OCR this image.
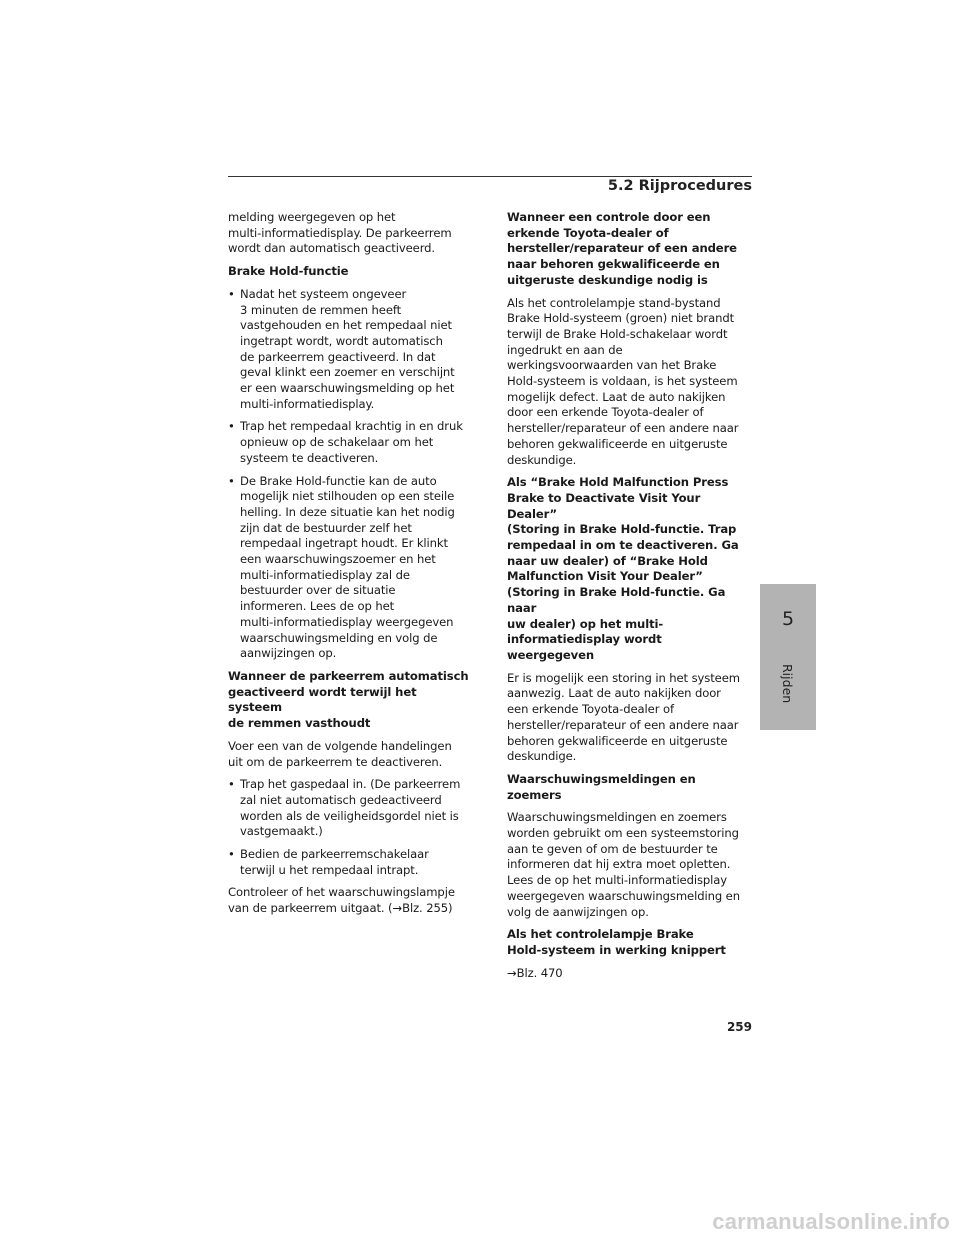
5.2 Rijprocedures

melding weergegeven op het
multi-informatiedisplay. De parkeerrem
wordt dan automatisch geactiveerd.

Brake Hold-functie

• Nadat het systeem ongeveer
3 minuten de remmen heeft
vastgehouden en het rempedaal niet
ingetrapt wordt, wordt automatisch
de parkeerrem geactiveerd. In dat
geval klinkt een zoemer en verschijnt
er een waarschuwingsmelding op het
multi-informatiedisplay.
• Trap het rempedaal krachtig in en druk
opnieuw op de schakelaar om het
systeem te deactiveren.
• De Brake Hold-functie kan de auto
mogelijk niet stilhouden op een steile
helling. In deze situatie kan het nodig
zijn dat de bestuurder zelf het
rempedaal ingetrapt houdt. Er klinkt
een waarschuwingszoemer en het
multi-informatiedisplay zal de
bestuurder over de situatie
informeren. Lees de op het
multi-informatiedisplay weergegeven
waarschuwingsmelding en volg de
aanwijzingen op.

Wanneer de parkeerrem automatisch
geactiveerd wordt terwijl het systeem
de remmen vasthoudt

Voer een van de volgende handelingen
uit om de parkeerrem te deactiveren.

• Trap het gaspedaal in. (De parkeerrem
zal niet automatisch gedeactiveerd
worden als de veiligheidsgordel niet is
vastgemaakt.)
• Bedien de parkeerremschakelaar
terwijl u het rempedaal intrapt.

Controleer of het waarschuwingslampje
van de parkeerrem uitgaat. (→Blz. 255)

Wanneer een controle door een
erkende Toyota-dealer of
hersteller/reparateur of een andere
naar behoren gekwalificeerde en
uitgeruste deskundige nodig is

Als het controlelampje stand-bystand
Brake Hold-systeem (groen) niet brandt
terwijl de Brake Hold-schakelaar wordt
ingedrukt en aan de
werkingsvoorwaarden van het Brake
Hold-systeem is voldaan, is het systeem
mogelijk defect. Laat de auto nakijken
door een erkende Toyota-dealer of
hersteller/reparateur of een andere naar
behoren gekwalificeerde en uitgeruste
deskundige.

Als “Brake Hold Malfunction Press
Brake to Deactivate Visit Your Dealer”
(Storing in Brake Hold-functie. Trap
rempedaal in om te deactiveren. Ga
naar uw dealer) of “Brake Hold
Malfunction Visit Your Dealer”
(Storing in Brake Hold-functie. Ga naar
uw dealer) op het multi-
informatiedisplay wordt weergegeven

Er is mogelijk een storing in het systeem
aanwezig. Laat de auto nakijken door
een erkende Toyota-dealer of
hersteller/reparateur of een andere naar
behoren gekwalificeerde en uitgeruste
deskundige.

Waarschuwingsmeldingen en zoemers

Waarschuwingsmeldingen en zoemers
worden gebruikt om een systeemstoring
aan te geven of om de bestuurder te
informeren dat hij extra moet opletten.
Lees de op het multi-informatiedisplay
weergegeven waarschuwingsmelding en
volg de aanwijzingen op.

Als het controlelampje Brake
Hold-systeem in werking knippert

→Blz. 470

5
Rijden
259
carmanualsonline.info
